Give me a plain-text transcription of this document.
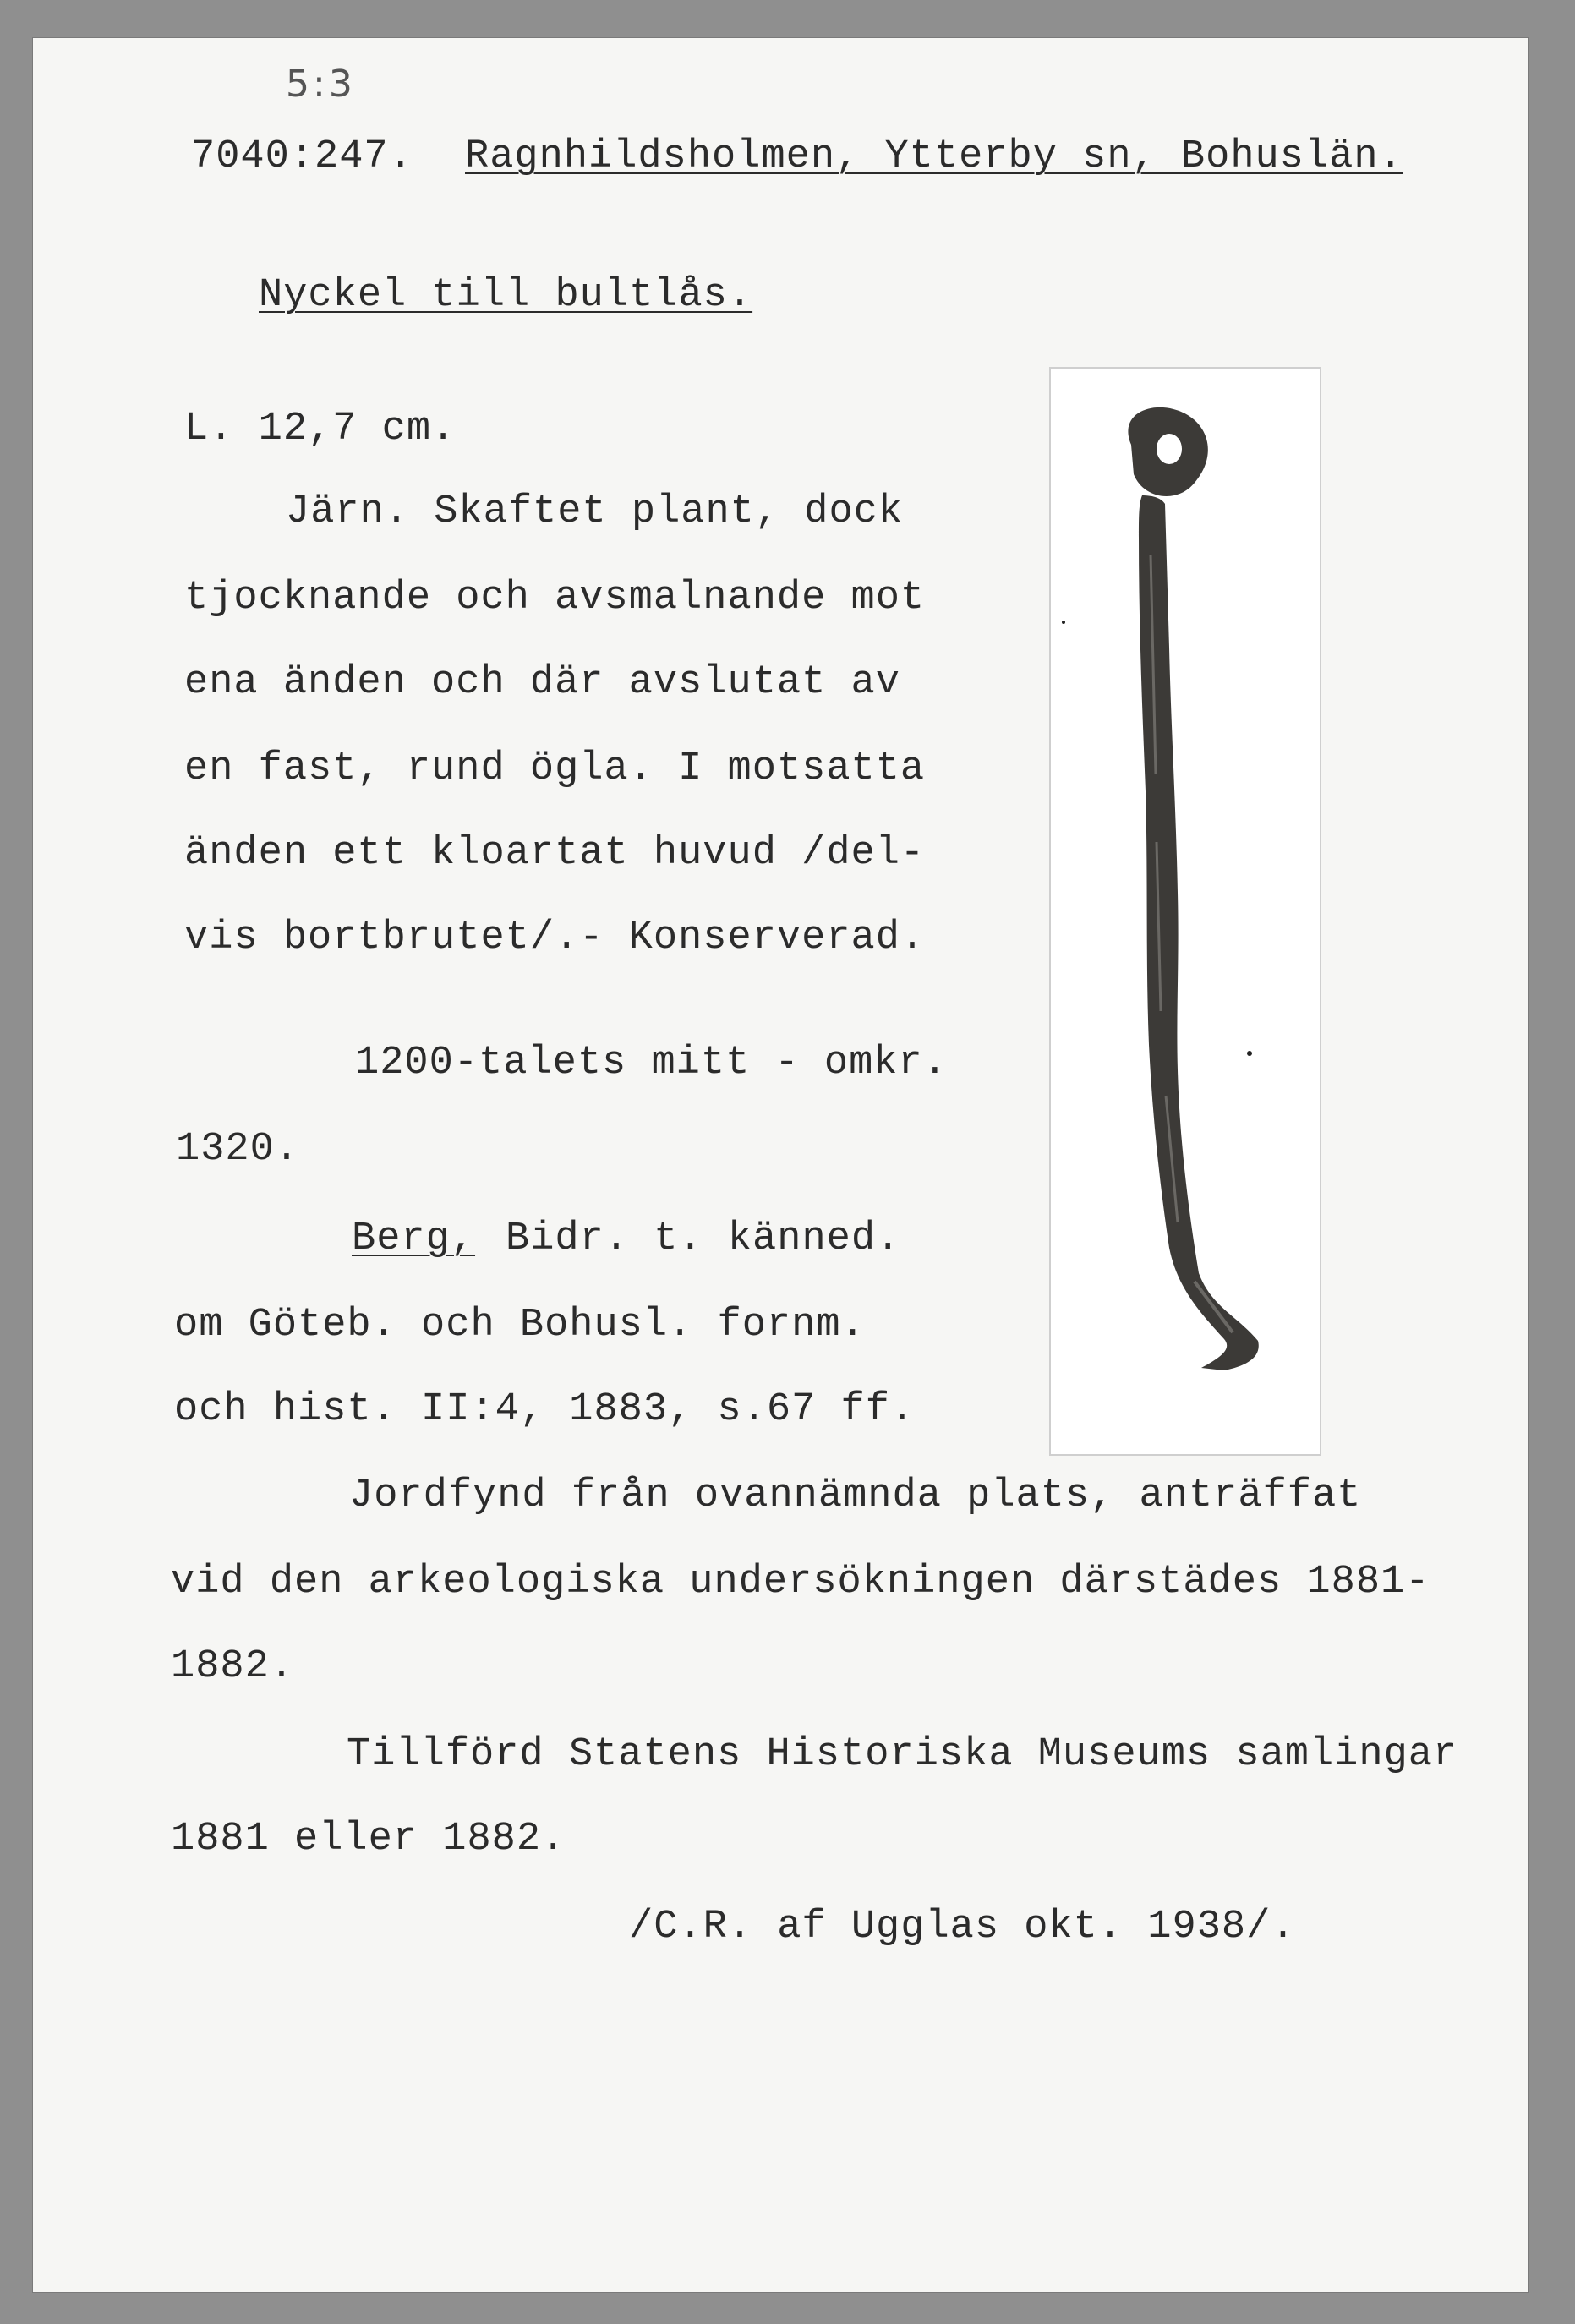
5:3
7040:247. Ragnhildsholmen, Ytterby sn, Bohuslän.
Nyckel till bultlås.
L. 12,7 cm.
Järn. Skaftet plant, dock
tjocknande och avsmalnande mot
ena änden och där avslutat av
en fast, rund ögla. I motsatta
änden ett kloartat huvud /del-
vis bortbrutet/.- Konserverad.
1200-talets mitt - omkr.
1320.
Berg, Bidr. t. känned.
om Göteb. och Bohusl. fornm.
och hist. II:4, 1883, s.67 ff.
Jordfynd från ovannämnda plats, anträffat
vid den arkeologiska undersökningen därstädes 1881-
1882.
Tillförd Statens Historiska Museums samlingar
1881 eller 1882.
/C.R. af Ugglas okt. 1938/.
